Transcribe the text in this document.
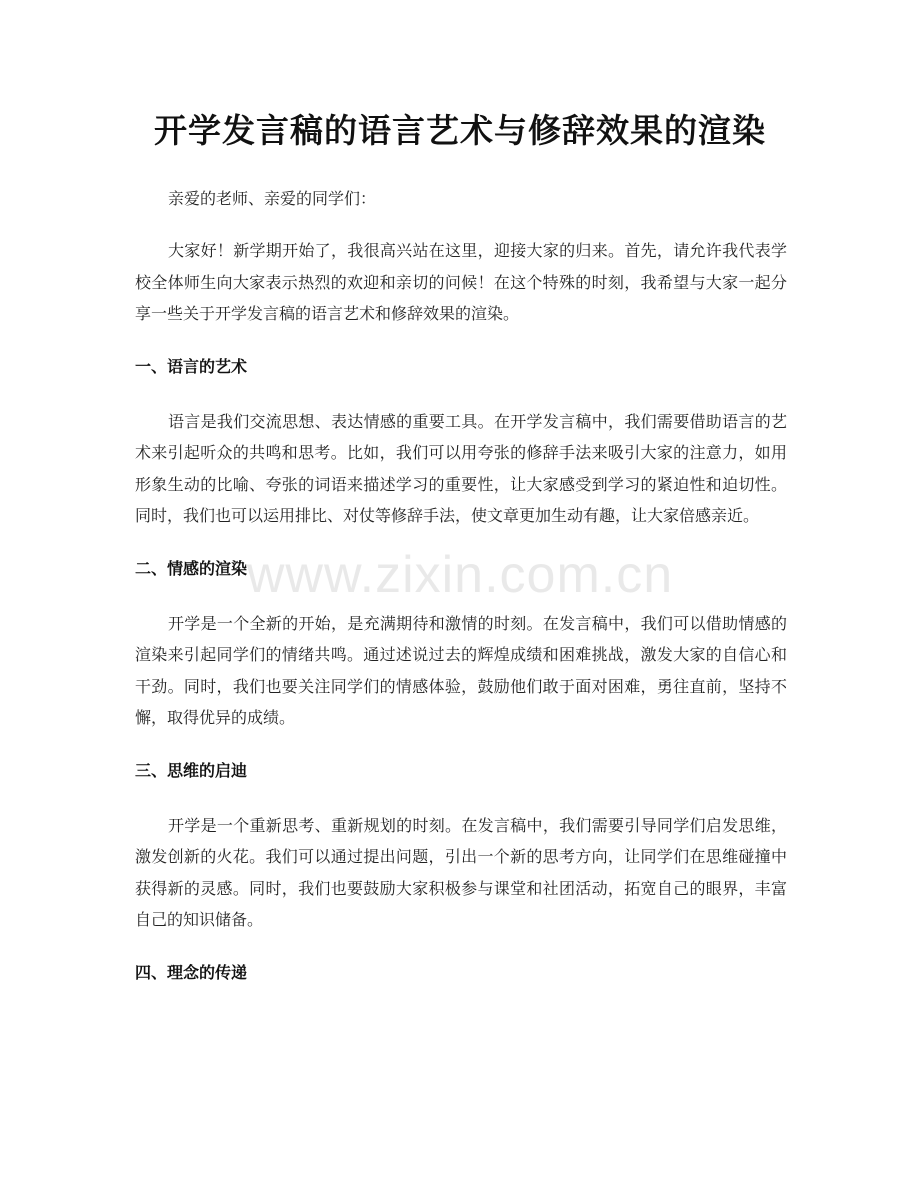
开学发言稿的语言艺术与修辞效果的渲染

亲爱的老师、亲爱的同学们：

大家好！新学期开始了，我很高兴站在这里，迎接大家的归来。首先，请允许我代表学校全体师生向大家表示热烈的欢迎和亲切的问候！在这个特殊的时刻，我希望与大家一起分享一些关于开学发言稿的语言艺术和修辞效果的渲染。

一、语言的艺术

语言是我们交流思想、表达情感的重要工具。在开学发言稿中，我们需要借助语言的艺术来引起听众的共鸣和思考。比如，我们可以用夸张的修辞手法来吸引大家的注意力，如用形象生动的比喻、夸张的词语来描述学习的重要性，让大家感受到学习的紧迫性和迫切性。同时，我们也可以运用排比、对仗等修辞手法，使文章更加生动有趣，让大家倍感亲近。

二、情感的渲染

开学是一个全新的开始，是充满期待和激情的时刻。在发言稿中，我们可以借助情感的渲染来引起同学们的情绪共鸣。通过述说过去的辉煌成绩和困难挑战，激发大家的自信心和干劲。同时，我们也要关注同学们的情感体验，鼓励他们敢于面对困难，勇往直前，坚持不懈，取得优异的成绩。

三、思维的启迪

开学是一个重新思考、重新规划的时刻。在发言稿中，我们需要引导同学们启发思维，激发创新的火花。我们可以通过提出问题，引出一个新的思考方向，让同学们在思维碰撞中获得新的灵感。同时，我们也要鼓励大家积极参与课堂和社团活动，拓宽自己的眼界，丰富自己的知识储备。

四、理念的传递
www.zixin.com.cn
